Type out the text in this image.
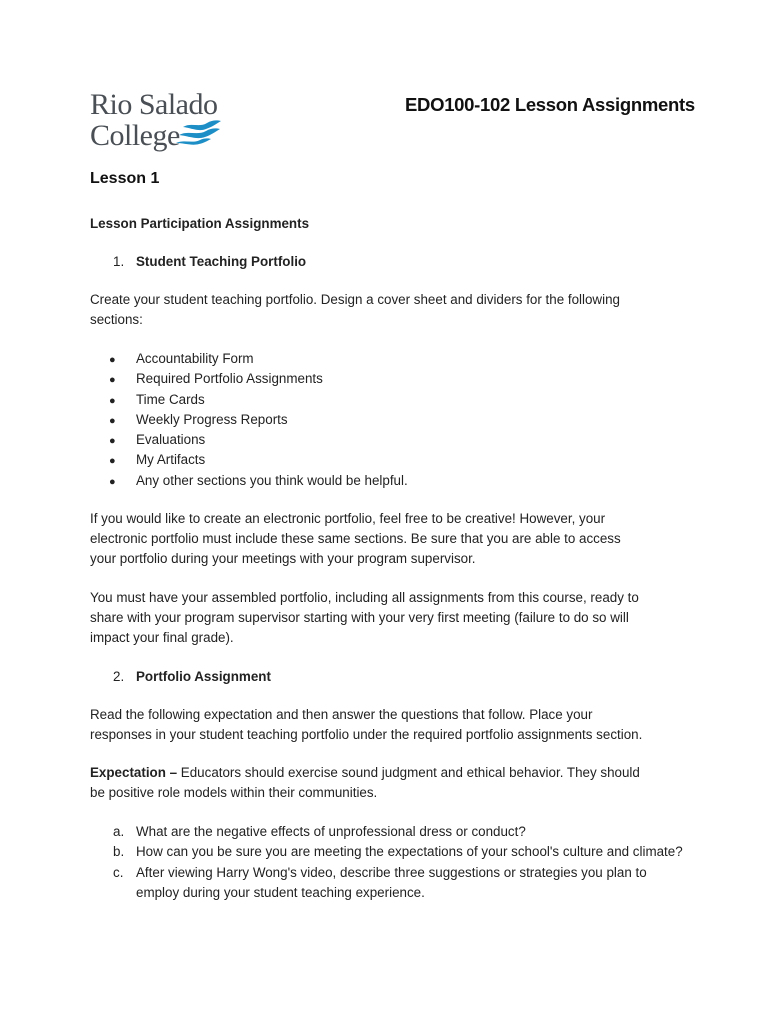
Rio Salado
College
EDO100-102 Lesson Assignments
Lesson 1
Lesson Participation Assignments
1. Student Teaching Portfolio
Create your student teaching portfolio. Design a cover sheet and dividers for the following
sections:
● Accountability Form
● Required Portfolio Assignments
● Time Cards
● Weekly Progress Reports
● Evaluations
● My Artifacts
● Any other sections you think would be helpful.
If you would like to create an electronic portfolio, feel free to be creative! However, your
electronic portfolio must include these same sections. Be sure that you are able to access
your portfolio during your meetings with your program supervisor.
You must have your assembled portfolio, including all assignments from this course, ready to
share with your program supervisor starting with your very first meeting (failure to do so will
impact your final grade).
2. Portfolio Assignment
Read the following expectation and then answer the questions that follow. Place your
responses in your student teaching portfolio under the required portfolio assignments section.
Expectation – Educators should exercise sound judgment and ethical behavior. They should
be positive role models within their communities.
a. What are the negative effects of unprofessional dress or conduct?
b. How can you be sure you are meeting the expectations of your school's culture and climate?
c. After viewing Harry Wong's video, describe three suggestions or strategies you plan to employ during your student teaching experience.
